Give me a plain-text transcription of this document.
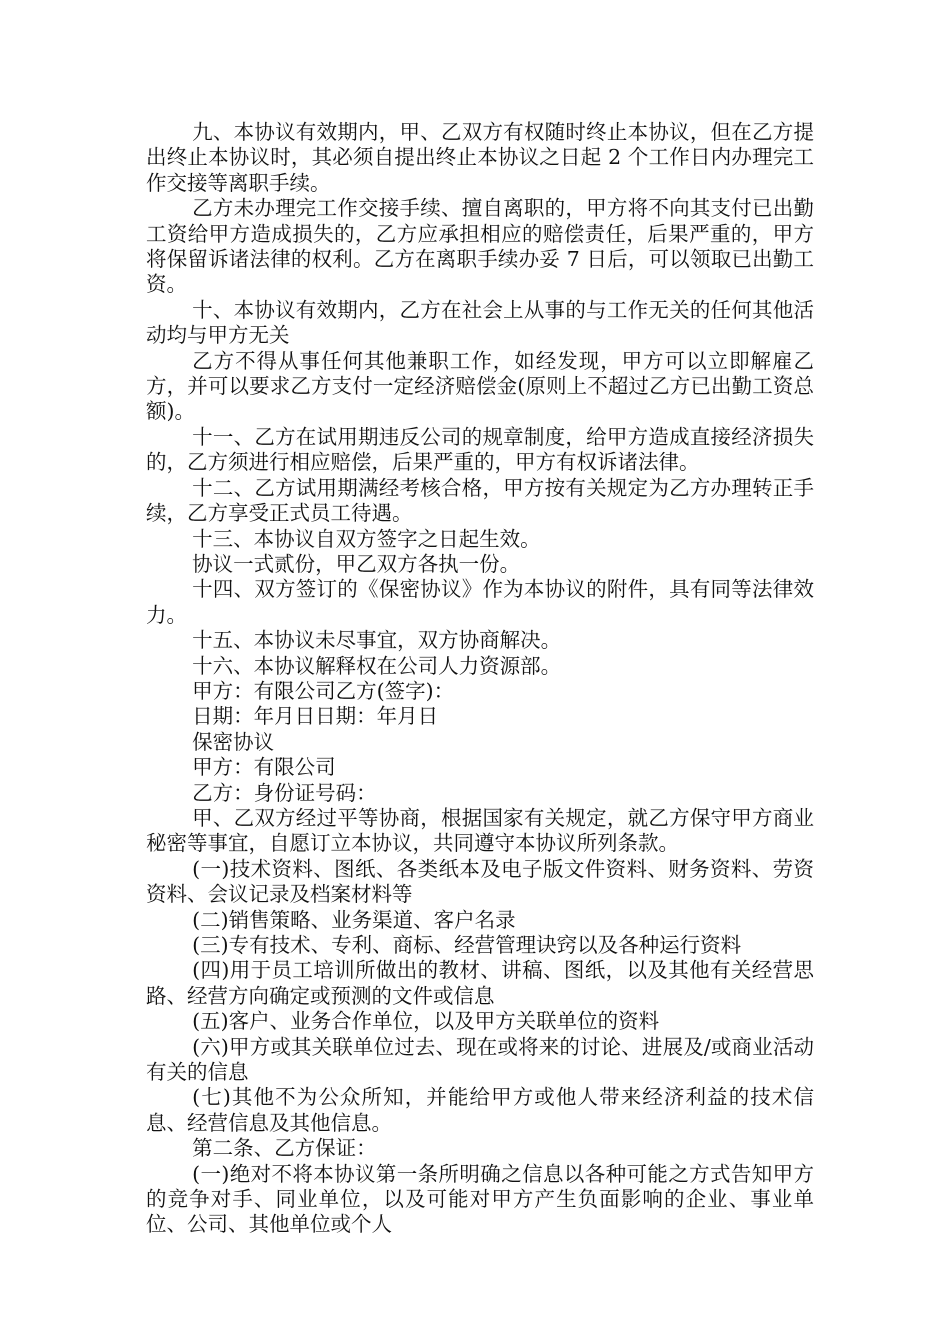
九、本协议有效期内，甲、乙双方有权随时终止本协议，但在乙方提出终止本协议时，其必须自提出终止本协议之日起 2 个工作日内办理完工作交接等离职手续。

乙方未办理完工作交接手续、擅自离职的，甲方将不向其支付已出勤工资给甲方造成损失的，乙方应承担相应的赔偿责任，后果严重的，甲方将保留诉诸法律的权利。乙方在离职手续办妥 7 日后，可以领取已出勤工资。

十、本协议有效期内，乙方在社会上从事的与工作无关的任何其他活动均与甲方无关

乙方不得从事任何其他兼职工作，如经发现，甲方可以立即解雇乙方，并可以要求乙方支付一定经济赔偿金(原则上不超过乙方已出勤工资总额)。

十一、乙方在试用期违反公司的规章制度，给甲方造成直接经济损失的，乙方须进行相应赔偿，后果严重的，甲方有权诉诸法律。

十二、乙方试用期满经考核合格，甲方按有关规定为乙方办理转正手续，乙方享受正式员工待遇。

十三、本协议自双方签字之日起生效。

协议一式贰份，甲乙双方各执一份。

十四、双方签订的《保密协议》作为本协议的附件，具有同等法律效力。

十五、本协议未尽事宜，双方协商解决。

十六、本协议解释权在公司人力资源部。

甲方：有限公司乙方(签字)：

日期：年月日日期：年月日

保密协议

甲方：有限公司

乙方：身份证号码：

甲、乙双方经过平等协商，根据国家有关规定，就乙方保守甲方商业秘密等事宜，自愿订立本协议，共同遵守本协议所列条款。

(一)技术资料、图纸、各类纸本及电子版文件资料、财务资料、劳资资料、会议记录及档案材料等

(二)销售策略、业务渠道、客户名录

(三)专有技术、专利、商标、经营管理诀窍以及各种运行资料

(四)用于员工培训所做出的教材、讲稿、图纸，以及其他有关经营思路、经营方向确定或预测的文件或信息

(五)客户、业务合作单位，以及甲方关联单位的资料

(六)甲方或其关联单位过去、现在或将来的讨论、进展及/或商业活动有关的信息

(七)其他不为公众所知，并能给甲方或他人带来经济利益的技术信息、经营信息及其他信息。

第二条、乙方保证：

(一)绝对不将本协议第一条所明确之信息以各种可能之方式告知甲方的竞争对手、同业单位，以及可能对甲方产生负面影响的企业、事业单位、公司、其他单位或个人
